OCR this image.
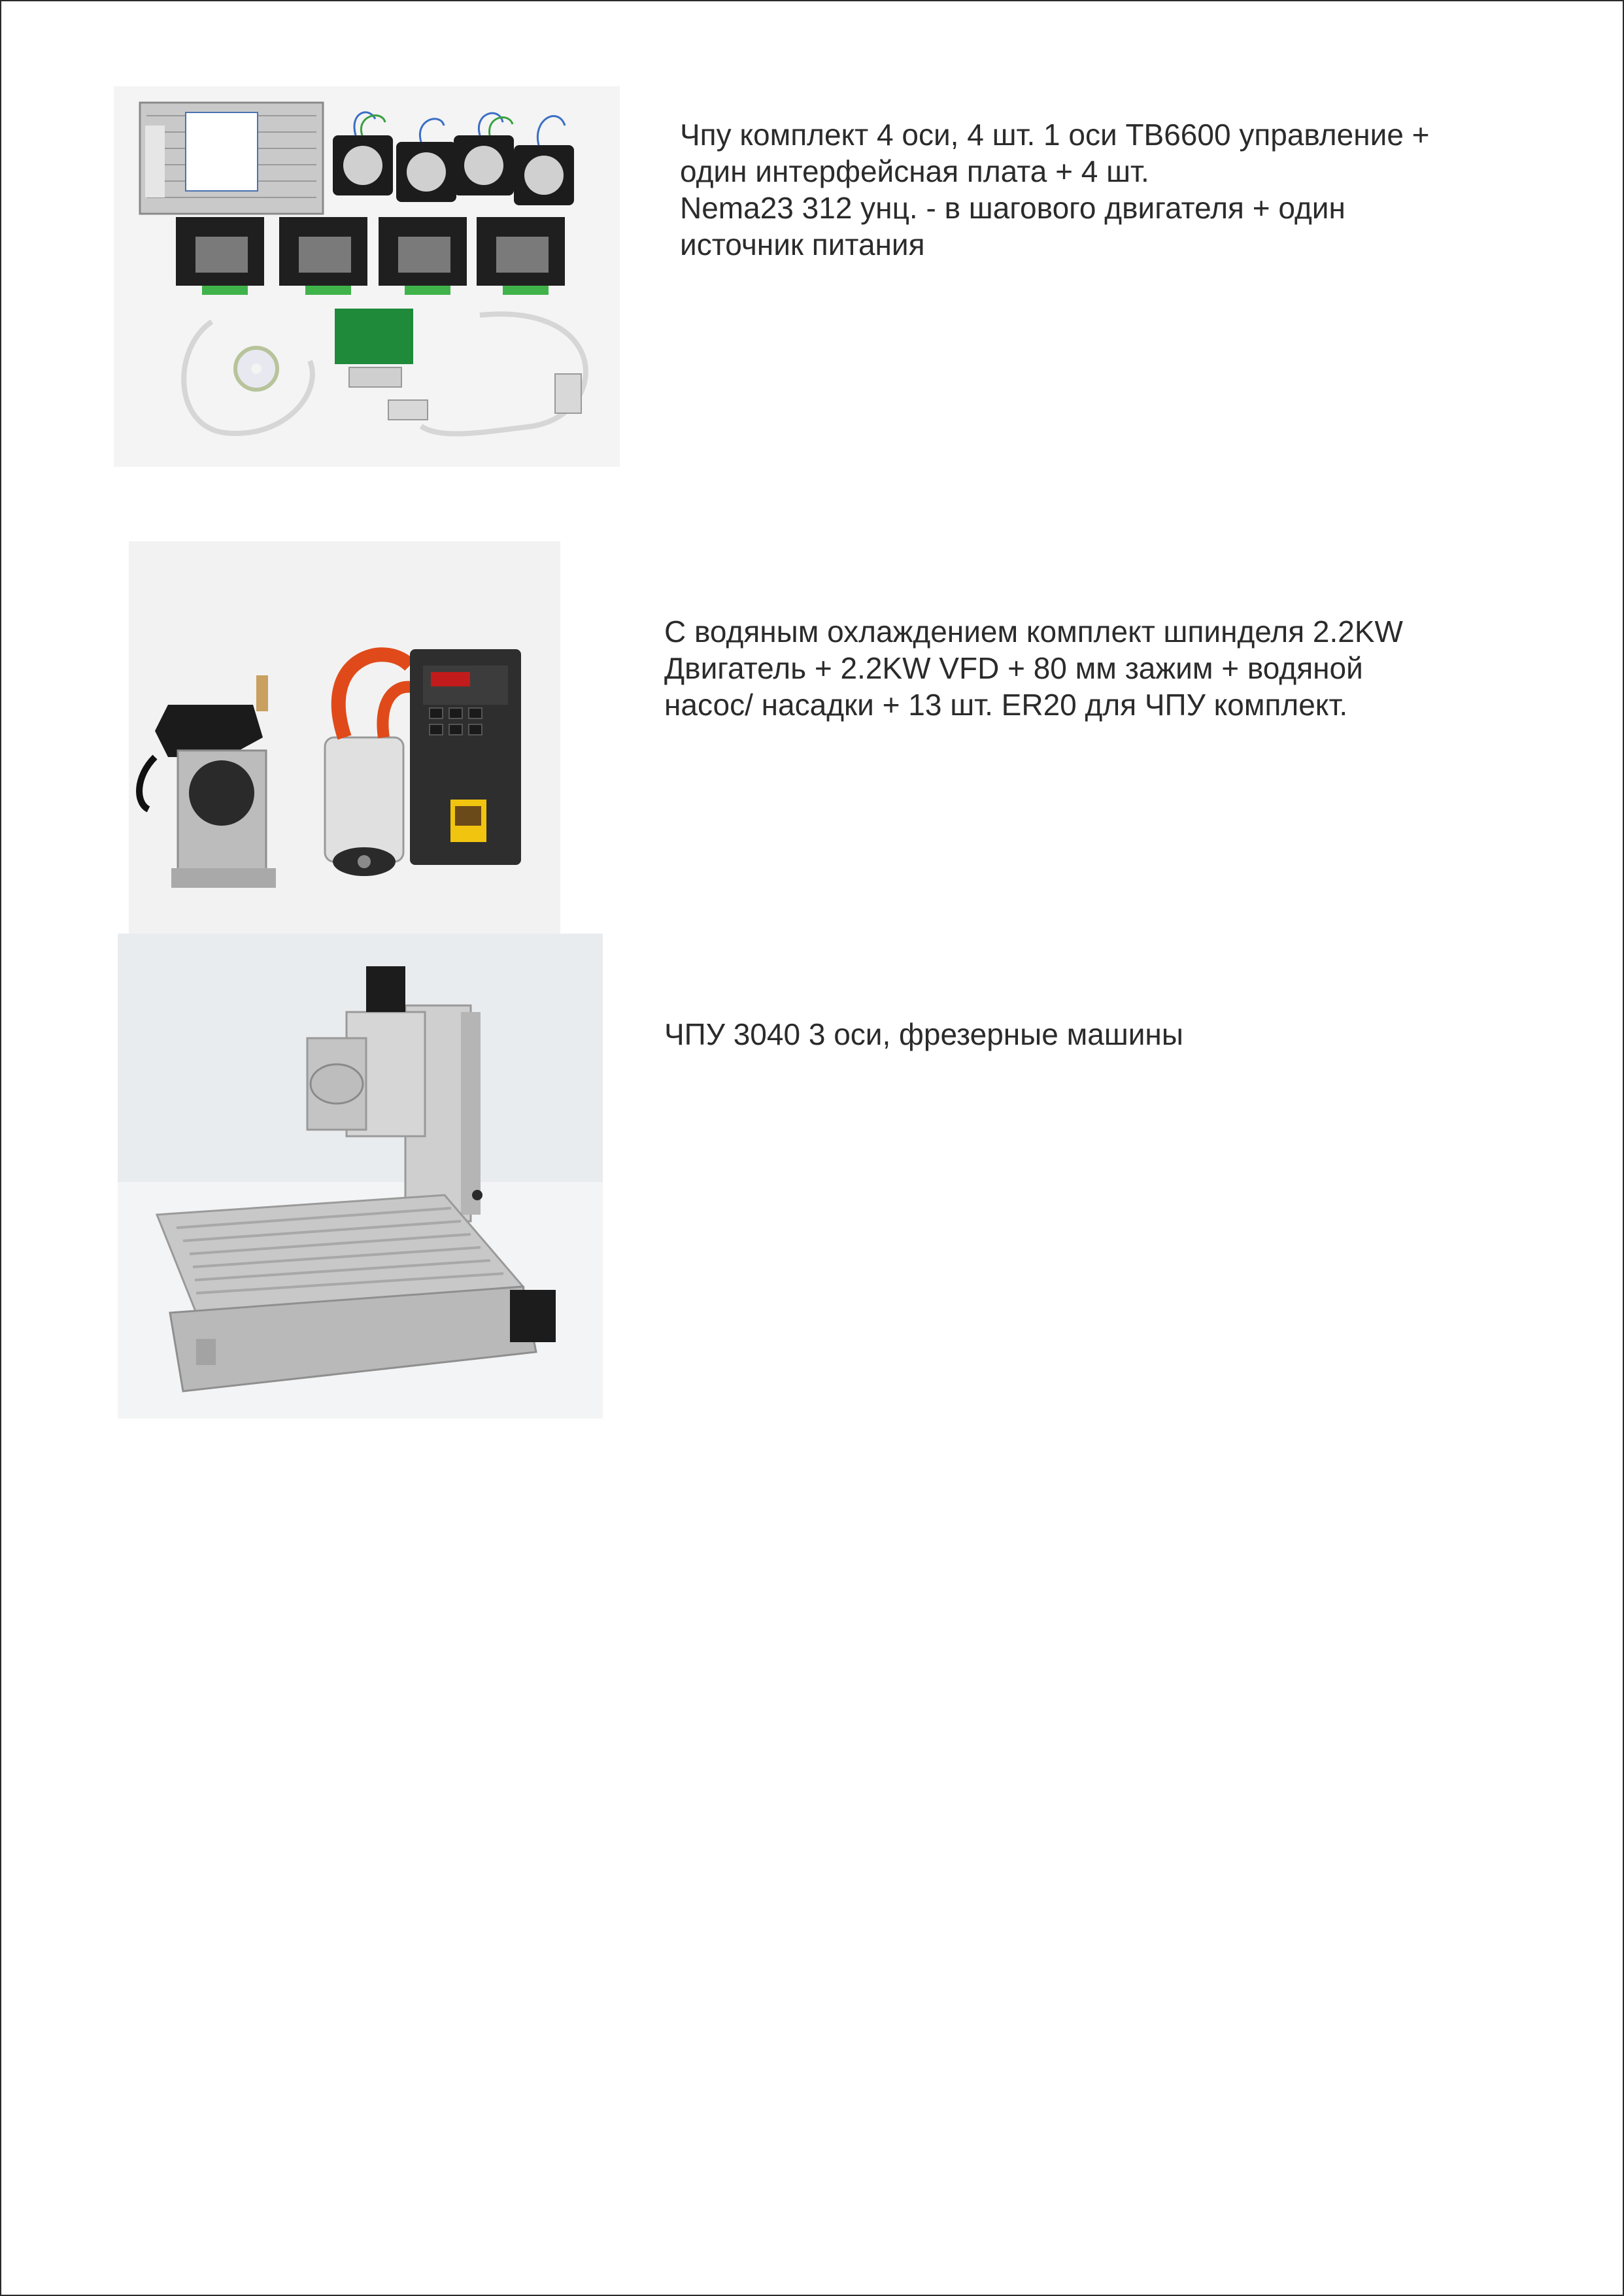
Чпу комплект 4 оси, 4 шт. 1 оси TB6600 управление +
один интерфейсная плата + 4 шт.
Nema23 312 унц. - в шагового двигателя + один
источник питания
С водяным охлаждением комплект шпинделя 2.2KW
Двигатель + 2.2KW VFD + 80 мм зажим + водяной
насос/ насадки + 13 шт. ER20 для ЧПУ комплект.
ЧПУ 3040 3 оси, фрезерные машины
